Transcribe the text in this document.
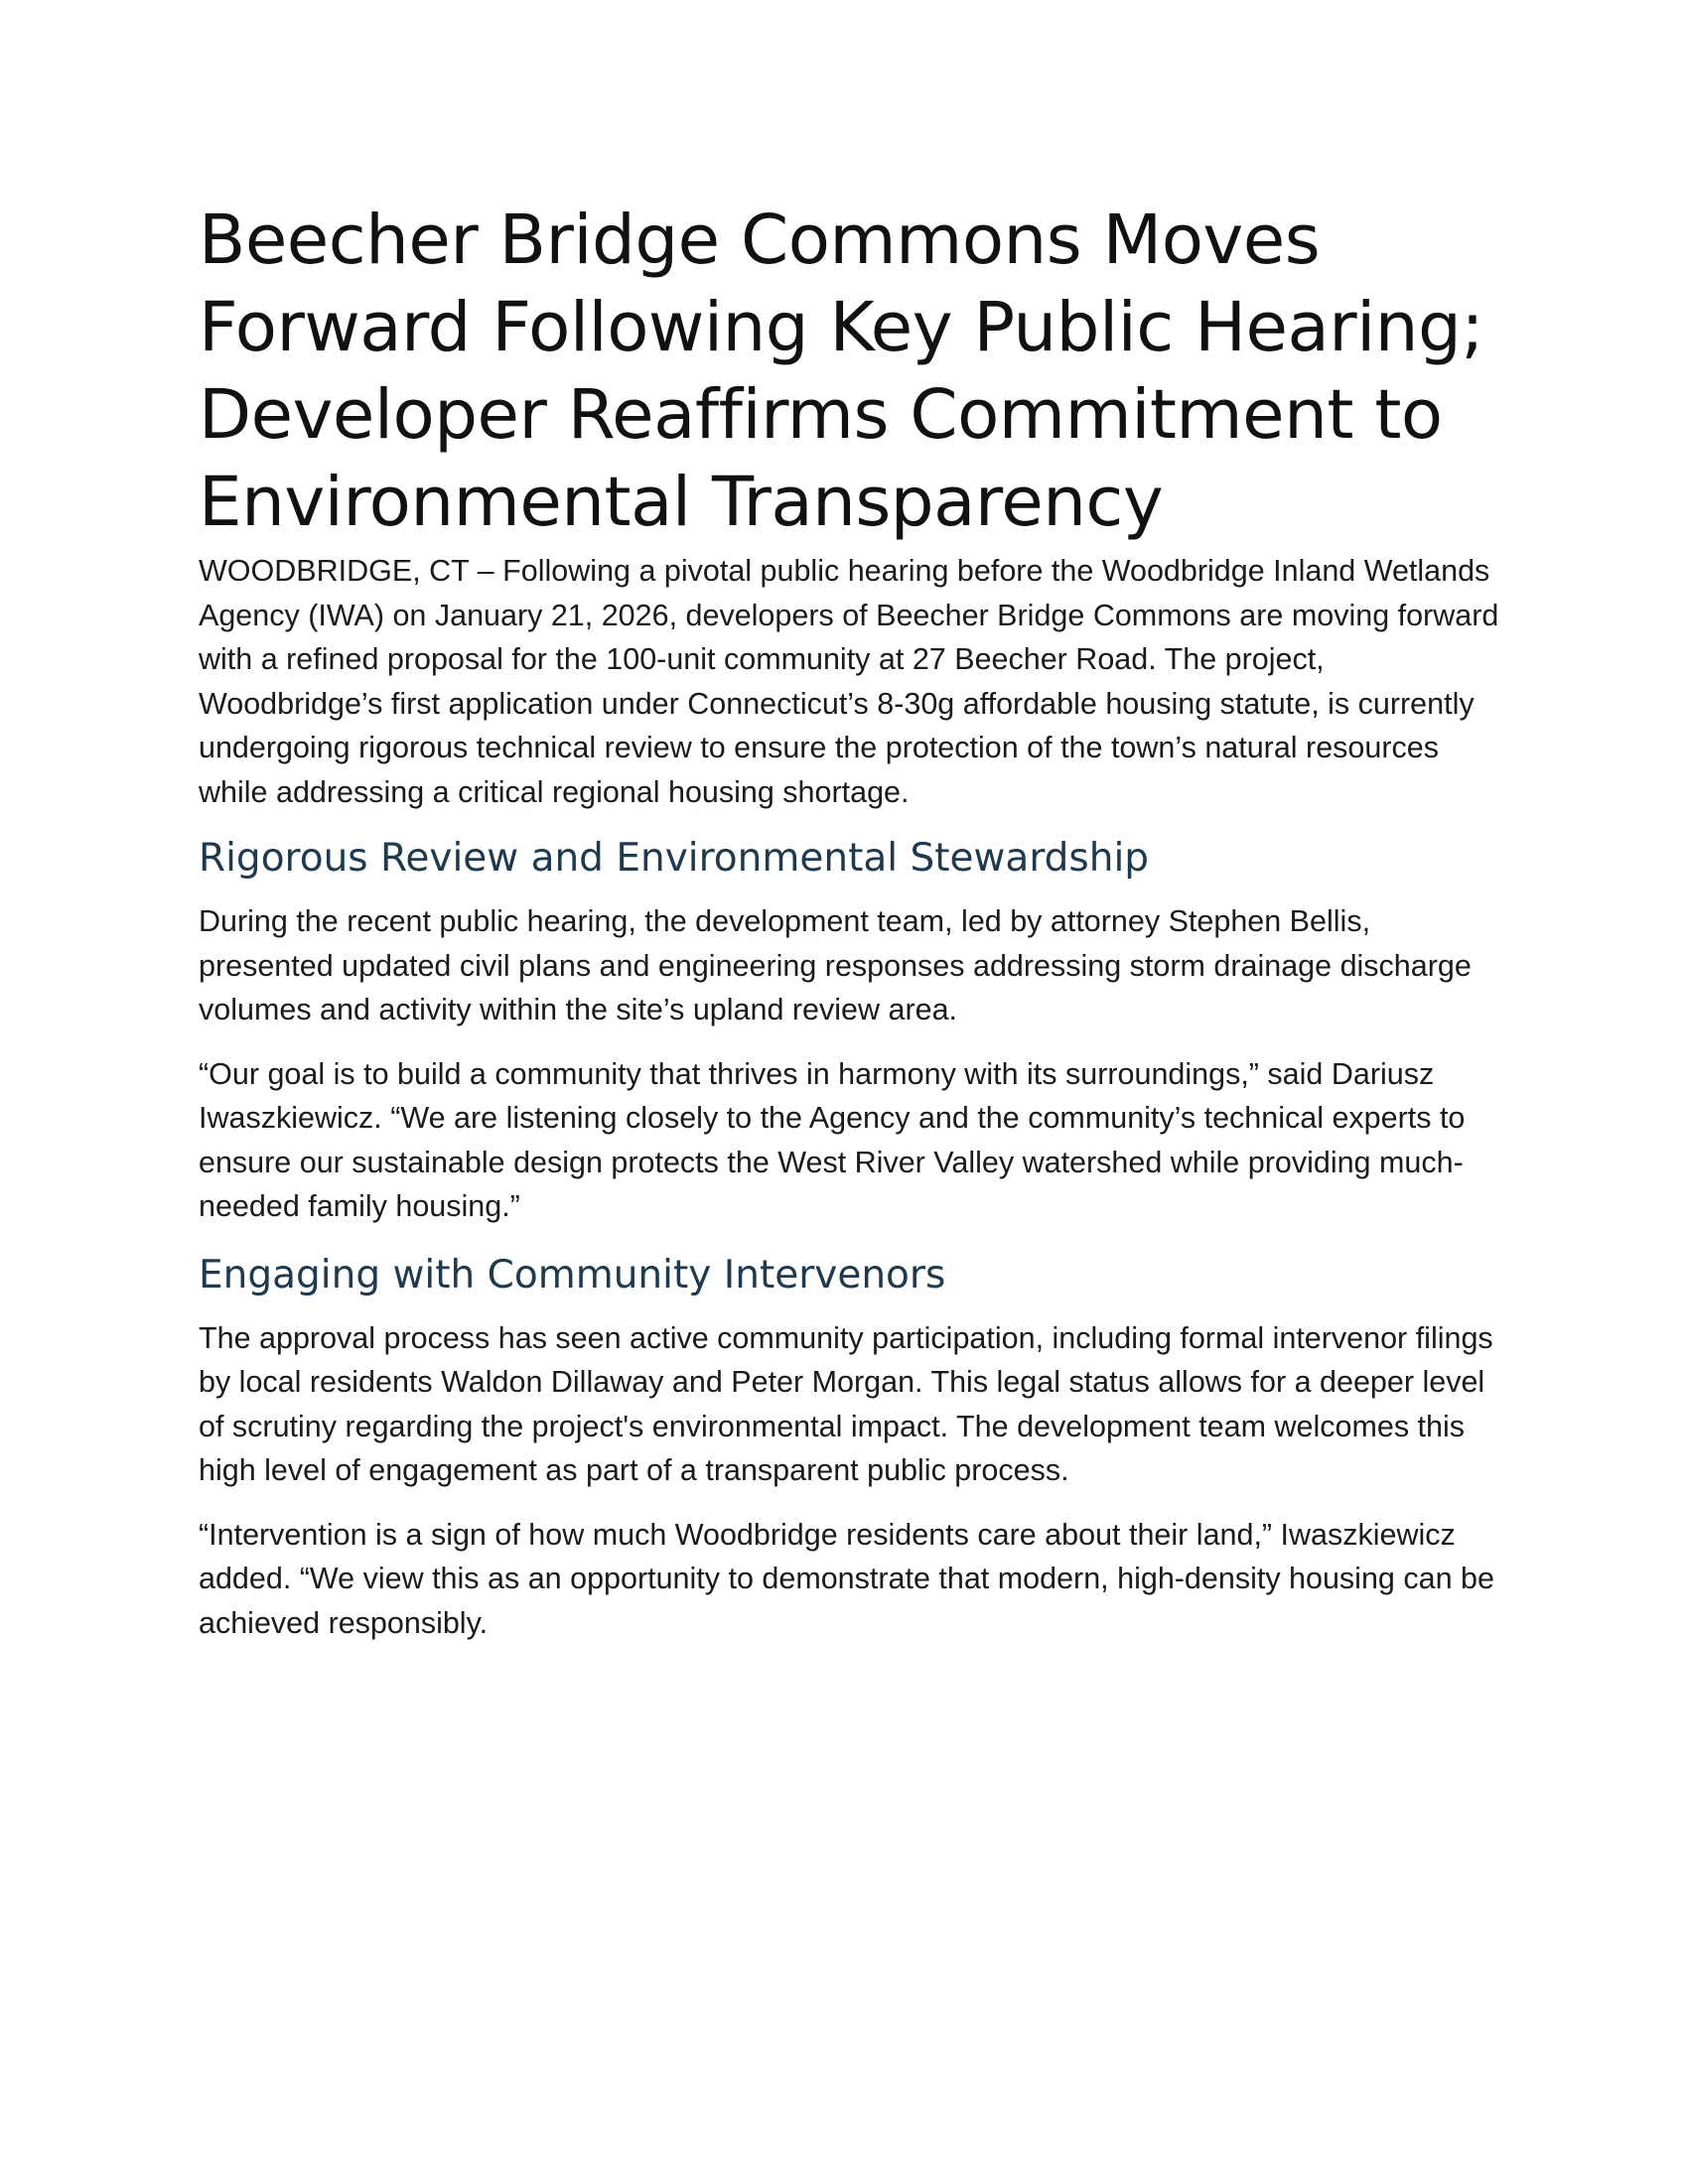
Beecher Bridge Commons Moves Forward Following Key Public Hearing; Developer Reaffirms Commitment to Environmental Transparency

WOODBRIDGE, CT – Following a pivotal public hearing before the Woodbridge Inland Wetlands Agency (IWA) on January 21, 2026, developers of Beecher Bridge Commons are moving forward with a refined proposal for the 100-unit community at 27 Beecher Road. The project, Woodbridge’s first application under Connecticut’s 8-30g affordable housing statute, is currently undergoing rigorous technical review to ensure the protection of the town’s natural resources while addressing a critical regional housing shortage.

Rigorous Review and Environmental Stewardship

During the recent public hearing, the development team, led by attorney Stephen Bellis, presented updated civil plans and engineering responses addressing storm drainage discharge volumes and activity within the site’s upland review area.

“Our goal is to build a community that thrives in harmony with its surroundings,” said Dariusz Iwaszkiewicz. “We are listening closely to the Agency and the community’s technical experts to ensure our sustainable design protects the West River Valley watershed while providing much-needed family housing.”

Engaging with Community Intervenors

The approval process has seen active community participation, including formal intervenor filings by local residents Waldon Dillaway and Peter Morgan. This legal status allows for a deeper level of scrutiny regarding the project's environmental impact. The development team welcomes this high level of engagement as part of a transparent public process.

“Intervention is a sign of how much Woodbridge residents care about their land,” Iwaszkiewicz added. “We view this as an opportunity to demonstrate that modern, high-density housing can be achieved responsibly.
